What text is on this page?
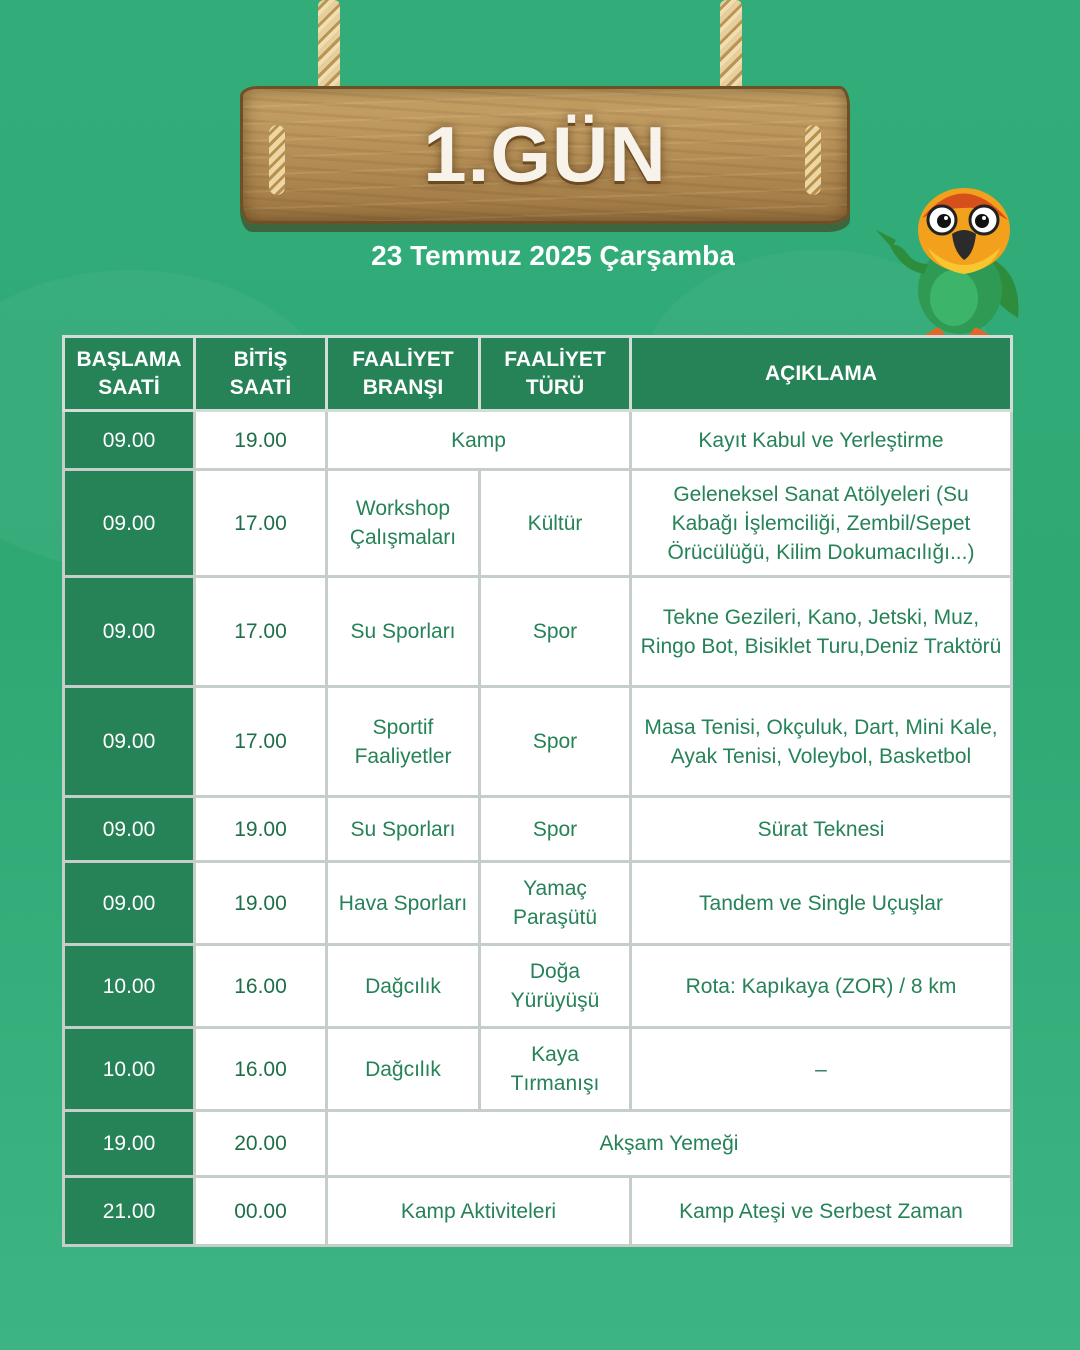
1.GÜN
23 Temmuz 2025 Çarşamba
BAŞLAMA SAATİ	BİTİŞ SAATİ	FAALİYET BRANŞI	FAALİYET TÜRÜ	AÇIKLAMA
09.00	19.00	Kamp		Kayıt Kabul ve Yerleştirme
09.00	17.00	Workshop Çalışmaları	Kültür	Geleneksel Sanat Atölyeleri (Su Kabağı İşlemciliği, Zembil/Sepet Örücülüğü, Kilim Dokumacılığı...)
09.00	17.00	Su Sporları	Spor	Tekne Gezileri, Kano, Jetski, Muz, Ringo Bot, Bisiklet Turu,Deniz Traktörü
09.00	17.00	Sportif Faaliyetler	Spor	Masa Tenisi, Okçuluk, Dart, Mini Kale, Ayak Tenisi, Voleybol, Basketbol
09.00	19.00	Su Sporları	Spor	Sürat Teknesi
09.00	19.00	Hava Sporları	Yamaç Paraşütü	Tandem ve Single Uçuşlar
10.00	16.00	Dağcılık	Doğa Yürüyüşü	Rota: Kapıkaya (ZOR) / 8 km
10.00	16.00	Dağcılık	Kaya Tırmanışı	–
19.00	20.00	Akşam Yemeği		
21.00	00.00	Kamp Aktiviteleri		Kamp Ateşi ve Serbest Zaman
